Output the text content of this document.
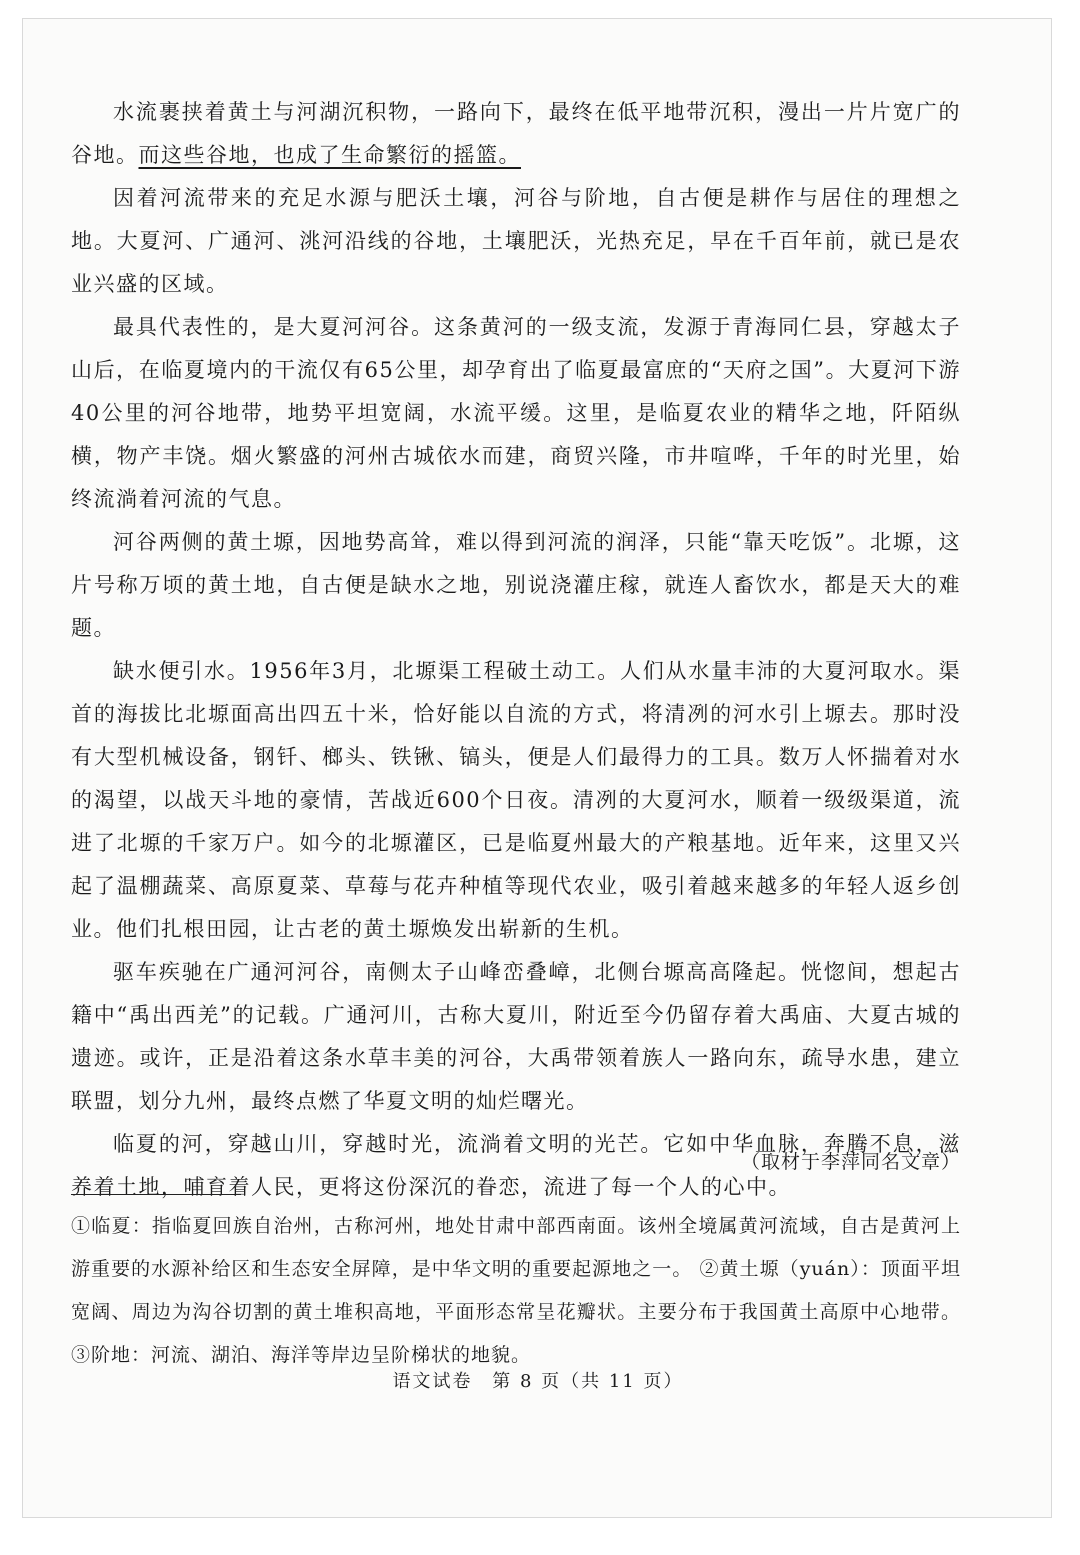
水流裹挟着黄土与河湖沉积物，一路向下，最终在低平地带沉积，漫出一片片宽广的谷地。而这些谷地，也成了生命繁衍的摇篮。

因着河流带来的充足水源与肥沃土壤，河谷与阶地，自古便是耕作与居住的理想之地。大夏河、广通河、洮河沿线的谷地，土壤肥沃，光热充足，早在千百年前，就已是农业兴盛的区域。

最具代表性的，是大夏河河谷。这条黄河的一级支流，发源于青海同仁县，穿越太子山后，在临夏境内的干流仅有65公里，却孕育出了临夏最富庶的“天府之国”。大夏河下游40公里的河谷地带，地势平坦宽阔，水流平缓。这里，是临夏农业的精华之地，阡陌纵横，物产丰饶。烟火繁盛的河州古城依水而建，商贸兴隆，市井喧哗，千年的时光里，始终流淌着河流的气息。

河谷两侧的黄土塬，因地势高耸，难以得到河流的润泽，只能“靠天吃饭”。北塬，这片号称万顷的黄土地，自古便是缺水之地，别说浇灌庄稼，就连人畜饮水，都是天大的难题。

缺水便引水。1956年3月，北塬渠工程破土动工。人们从水量丰沛的大夏河取水。渠首的海拔比北塬面高出四五十米，恰好能以自流的方式，将清冽的河水引上塬去。那时没有大型机械设备，钢钎、榔头、铁锹、镐头，便是人们最得力的工具。数万人怀揣着对水的渴望，以战天斗地的豪情，苦战近600个日夜。清冽的大夏河水，顺着一级级渠道，流进了北塬的千家万户。如今的北塬灌区，已是临夏州最大的产粮基地。近年来，这里又兴起了温棚蔬菜、高原夏菜、草莓与花卉种植等现代农业，吸引着越来越多的年轻人返乡创业。他们扎根田园，让古老的黄土塬焕发出崭新的生机。

驱车疾驰在广通河河谷，南侧太子山峰峦叠嶂，北侧台塬高高隆起。恍惚间，想起古籍中“禹出西羌”的记载。广通河川，古称大夏川，附近至今仍留存着大禹庙、大夏古城的遗迹。或许，正是沿着这条水草丰美的河谷，大禹带领着族人一路向东，疏导水患，建立联盟，划分九州，最终点燃了华夏文明的灿烂曙光。

临夏的河，穿越山川，穿越时光，流淌着文明的光芒。它如中华血脉，奔腾不息，滋养着土地，哺育着人民，更将这份深沉的眷恋，流进了每一个人的心中。

（取材于李萍同名文章）
①临夏：指临夏回族自治州，古称河州，地处甘肃中部西南面。该州全境属黄河流域，自古是黄河上游重要的水源补给区和生态安全屏障，是中华文明的重要起源地之一。 ②黄土塬（yuán）：顶面平坦宽阔、周边为沟谷切割的黄土堆积高地，平面形态常呈花瓣状。主要分布于我国黄土高原中心地带。 ③阶地：河流、湖泊、海洋等岸边呈阶梯状的地貌。
语文试卷 第 8 页（共 11 页）
